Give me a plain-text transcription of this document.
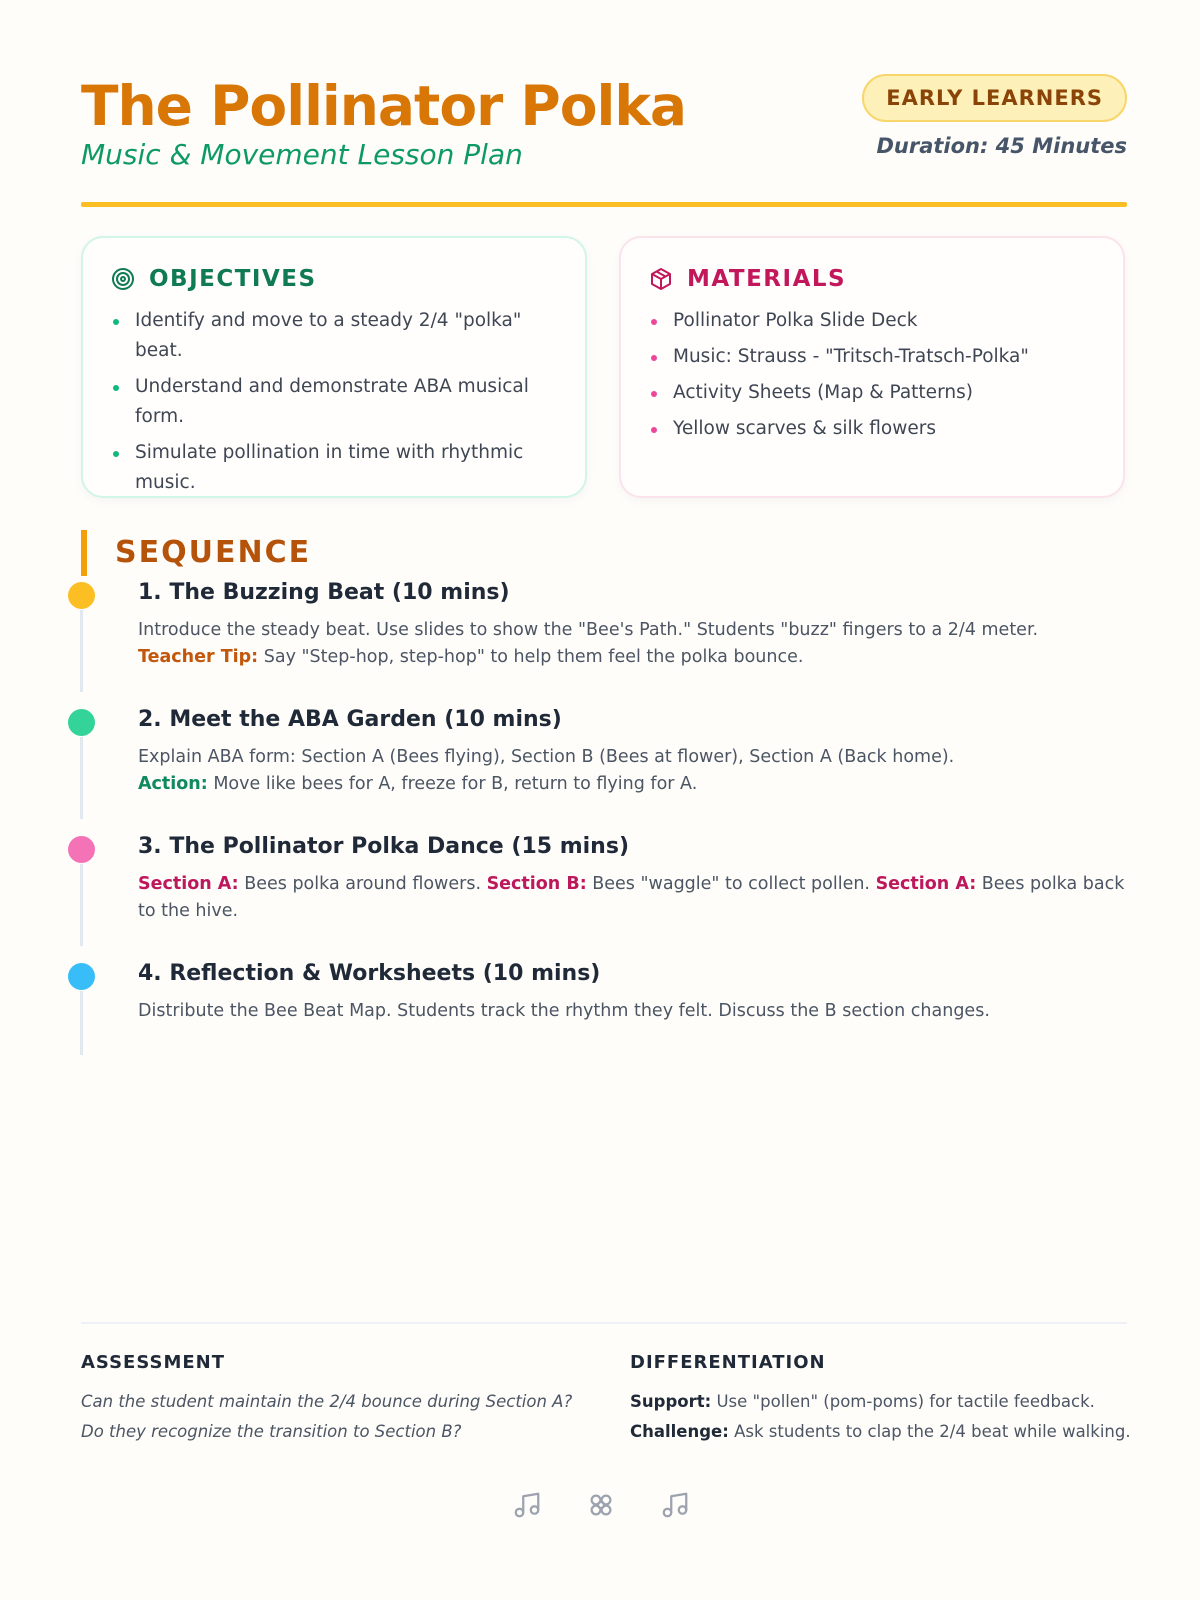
The Pollinator Polka
Music & Movement Lesson Plan
EARLY LEARNERS
Duration: 45 Minutes
OBJECTIVES
Identify and move to a steady 2/4 "polka" beat.
Understand and demonstrate ABA musical form.
Simulate pollination in time with rhythmic music.
MATERIALS
Pollinator Polka Slide Deck
Music: Strauss - "Tritsch-Tratsch-Polka"
Activity Sheets (Map & Patterns)
Yellow scarves & silk flowers
SEQUENCE
1. The Buzzing Beat (10 mins)
Introduce the steady beat. Use slides to show the "Bee's Path." Students "buzz" fingers to a 2/4 meter.
Teacher Tip: Say "Step-hop, step-hop" to help them feel the polka bounce.
2. Meet the ABA Garden (10 mins)
Explain ABA form: Section A (Bees flying), Section B (Bees at flower), Section A (Back home).
Action: Move like bees for A, freeze for B, return to flying for A.
3. The Pollinator Polka Dance (15 mins)
Section A: Bees polka around flowers. Section B: Bees "waggle" to collect pollen. Section A: Bees polka back to the hive.
4. Reflection & Worksheets (10 mins)
Distribute the Bee Beat Map. Students track the rhythm they felt. Discuss the B section changes.
ASSESSMENT
Can the student maintain the 2/4 bounce during Section A?
Do they recognize the transition to Section B?
DIFFERENTIATION
Support: Use "pollen" (pom-poms) for tactile feedback.
Challenge: Ask students to clap the 2/4 beat while walking.
